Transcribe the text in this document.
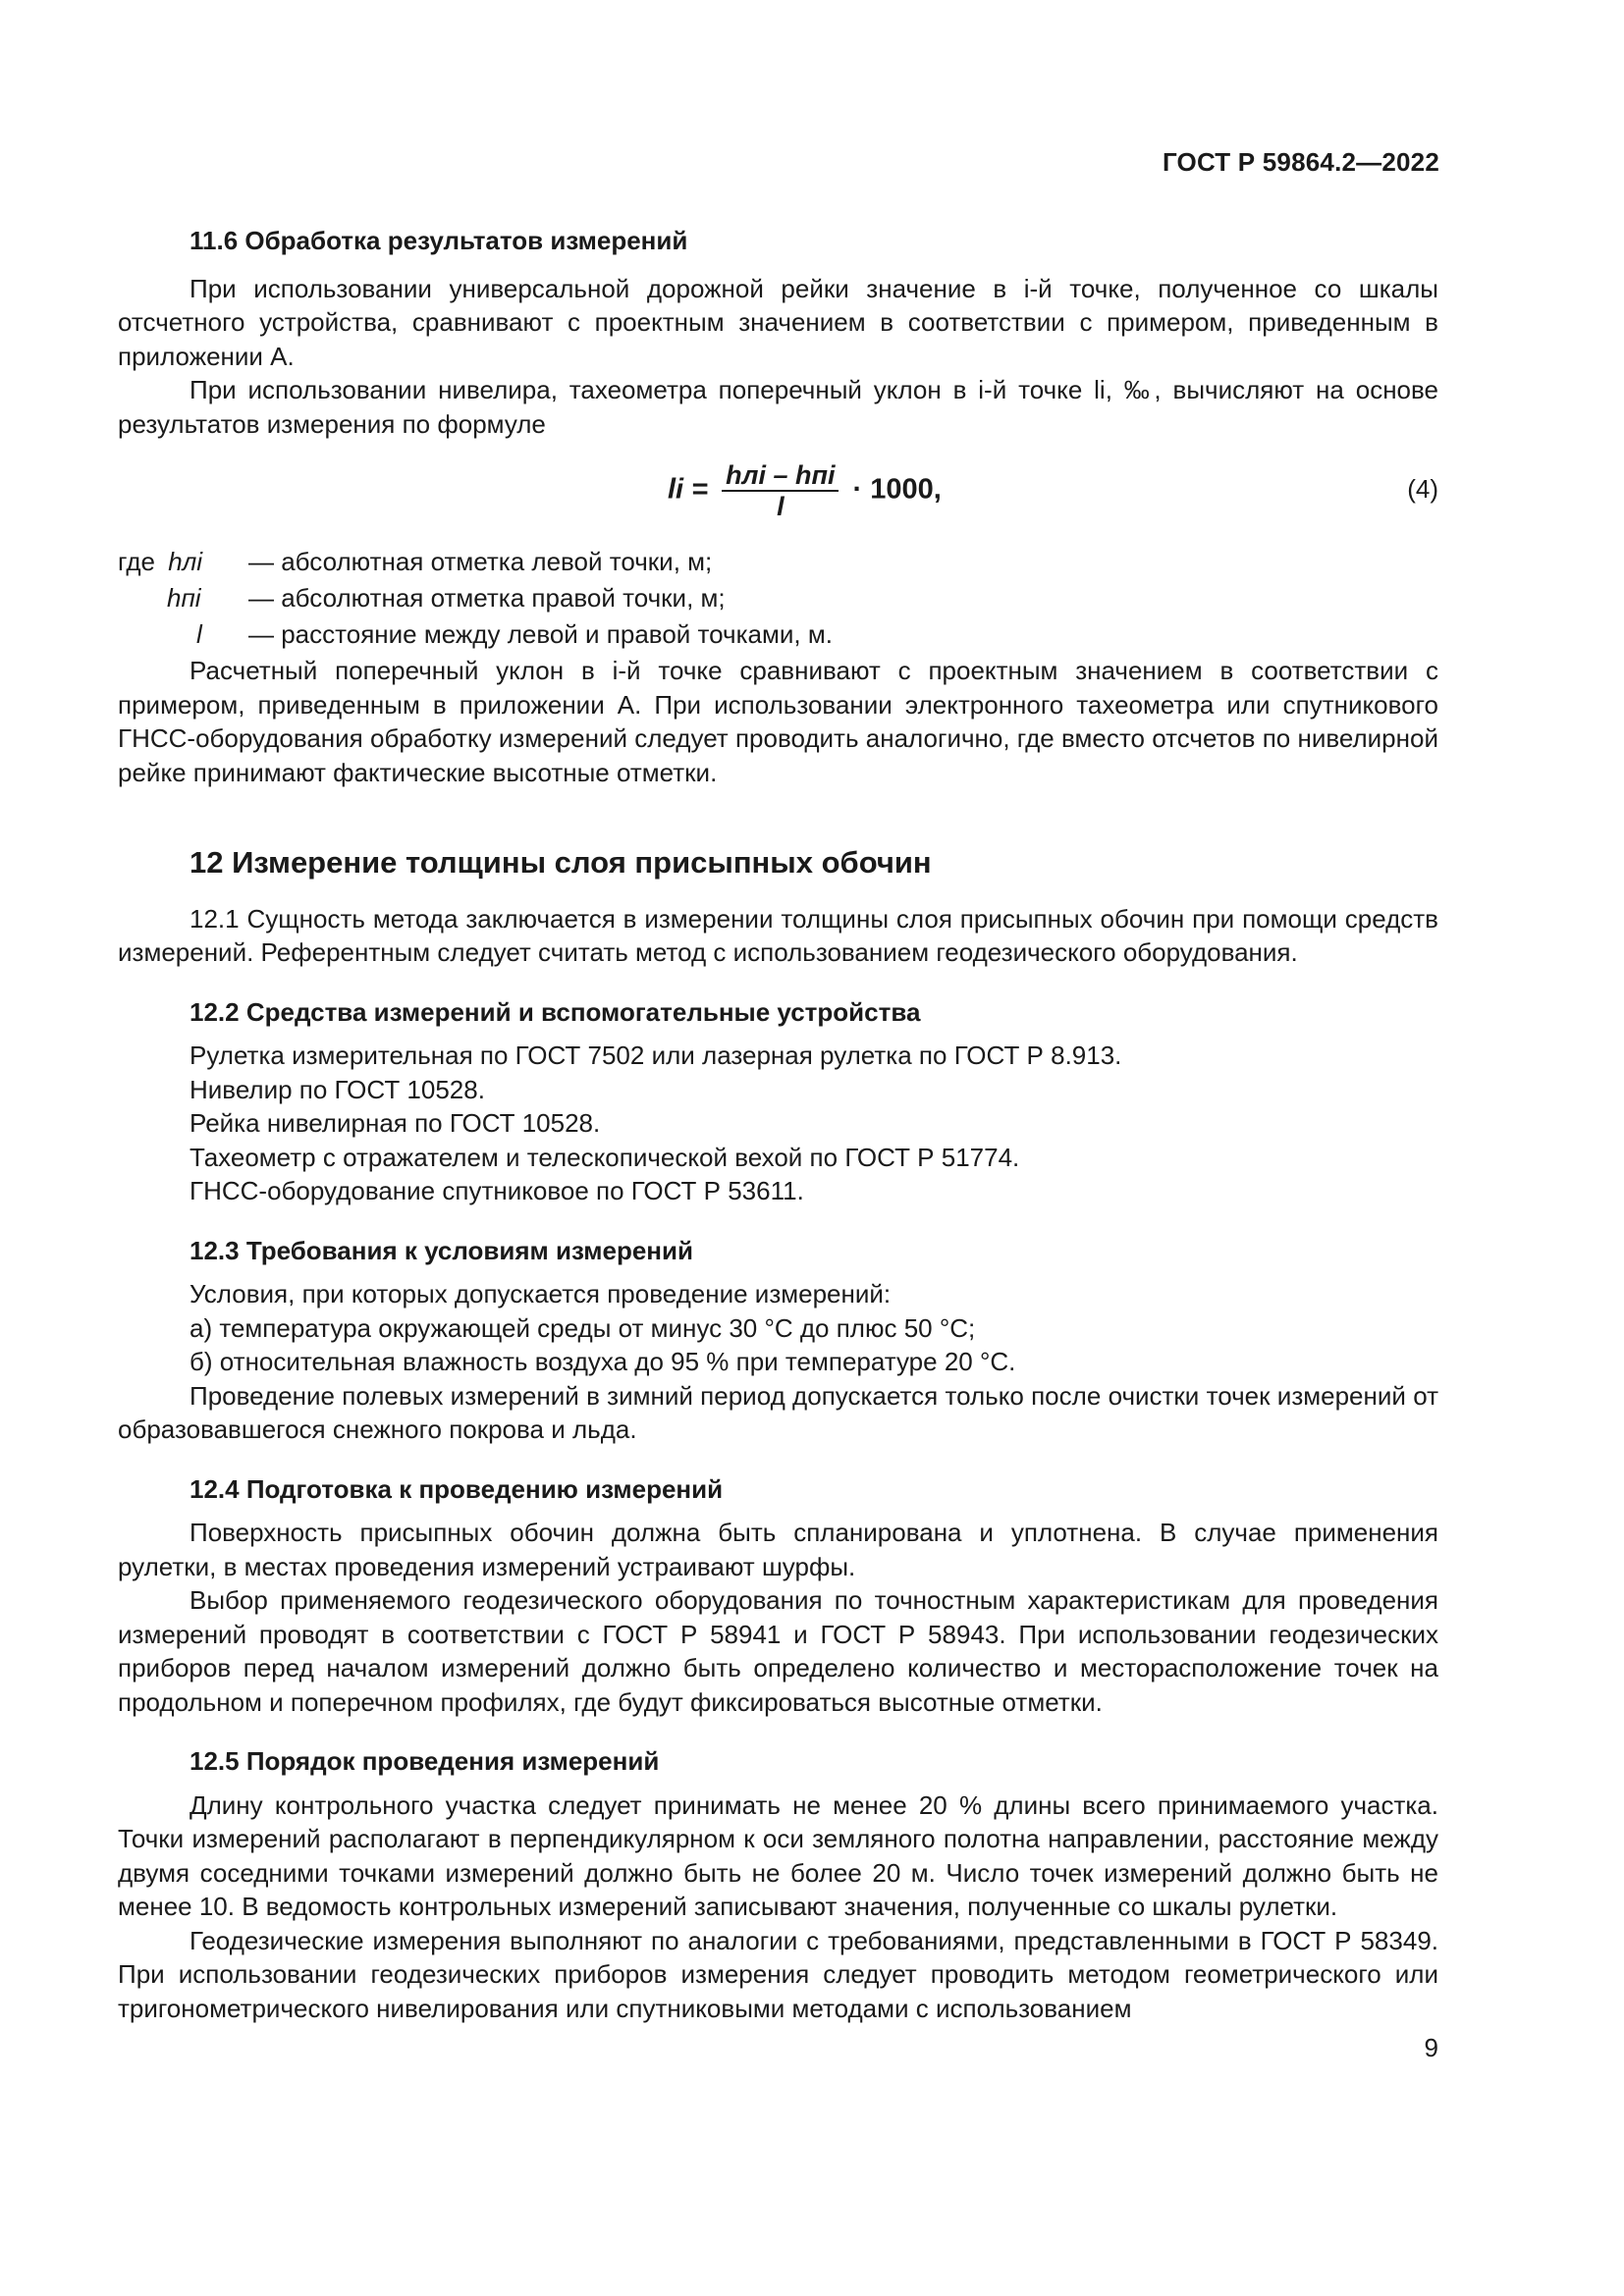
ГОСТ Р 59864.2—2022

11.6 Обработка результатов измерений

При использовании универсальной дорожной рейки значение в i-й точке, полученное со шкалы отсчетного устройства, сравнивают с проектным значением в соответствии с примером, приведенным в приложении А.

При использовании нивелира, тахеометра поперечный уклон в i-й точке li, ‰, вычисляют на основе результатов измерения по формуле

li = $\frac{\text{hлi – hпi}}{l} \cdot 1000$,	(4)
где hлi — абсолютная отметка левой точки, м;
hпi — абсолютная отметка правой точки, м;
l — расстояние между левой и правой точками, м.

Расчетный поперечный уклон в i-й точке сравнивают с проектным значением в соответствии с примером, приведенным в приложении А. При использовании электронного тахеометра или спутникового ГНСС-оборудования обработку измерений следует проводить аналогично, где вместо отсчетов по нивелирной рейке принимают фактические высотные отметки.

12 Измерение толщины слоя присыпных обочин

12.1 Сущность метода заключается в измерении толщины слоя присыпных обочин при помощи средств измерений. Референтным следует считать метод с использованием геодезического оборудования.

12.2 Средства измерений и вспомогательные устройства

Рулетка измерительная по ГОСТ 7502 или лазерная рулетка по ГОСТ Р 8.913.

Нивелир по ГОСТ 10528.

Рейка нивелирная по ГОСТ 10528.

Тахеометр с отражателем и телескопической вехой по ГОСТ Р 51774.

ГНСС-оборудование спутниковое по ГОСТ Р 53611.

12.3 Требования к условиям измерений

Условия, при которых допускается проведение измерений:

а) температура окружающей среды от минус 30 °С до плюс 50 °С;

б) относительная влажность воздуха до 95 % при температуре 20 °С.

Проведение полевых измерений в зимний период допускается только после очистки точек измерений от образовавшегося снежного покрова и льда.

12.4 Подготовка к проведению измерений

Поверхность присыпных обочин должна быть спланирована и уплотнена. В случае применения рулетки, в местах проведения измерений устраивают шурфы.

Выбор применяемого геодезического оборудования по точностным характеристикам для проведения измерений проводят в соответствии с ГОСТ Р 58941 и ГОСТ Р 58943. При использовании геодезических приборов перед началом измерений должно быть определено количество и месторасположение точек на продольном и поперечном профилях, где будут фиксироваться высотные отметки.

12.5 Порядок проведения измерений

Длину контрольного участка следует принимать не менее 20 % длины всего принимаемого участка. Точки измерений располагают в перпендикулярном к оси земляного полотна направлении, расстояние между двумя соседними точками измерений должно быть не более 20 м. Число точек измерений должно быть не менее 10. В ведомость контрольных измерений записывают значения, полученные со шкалы рулетки.

Геодезические измерения выполняют по аналогии с требованиями, представленными в ГОСТ Р 58349. При использовании геодезических приборов измерения следует проводить методом геометрического или тригонометрического нивелирования или спутниковыми методами с использованием

9
